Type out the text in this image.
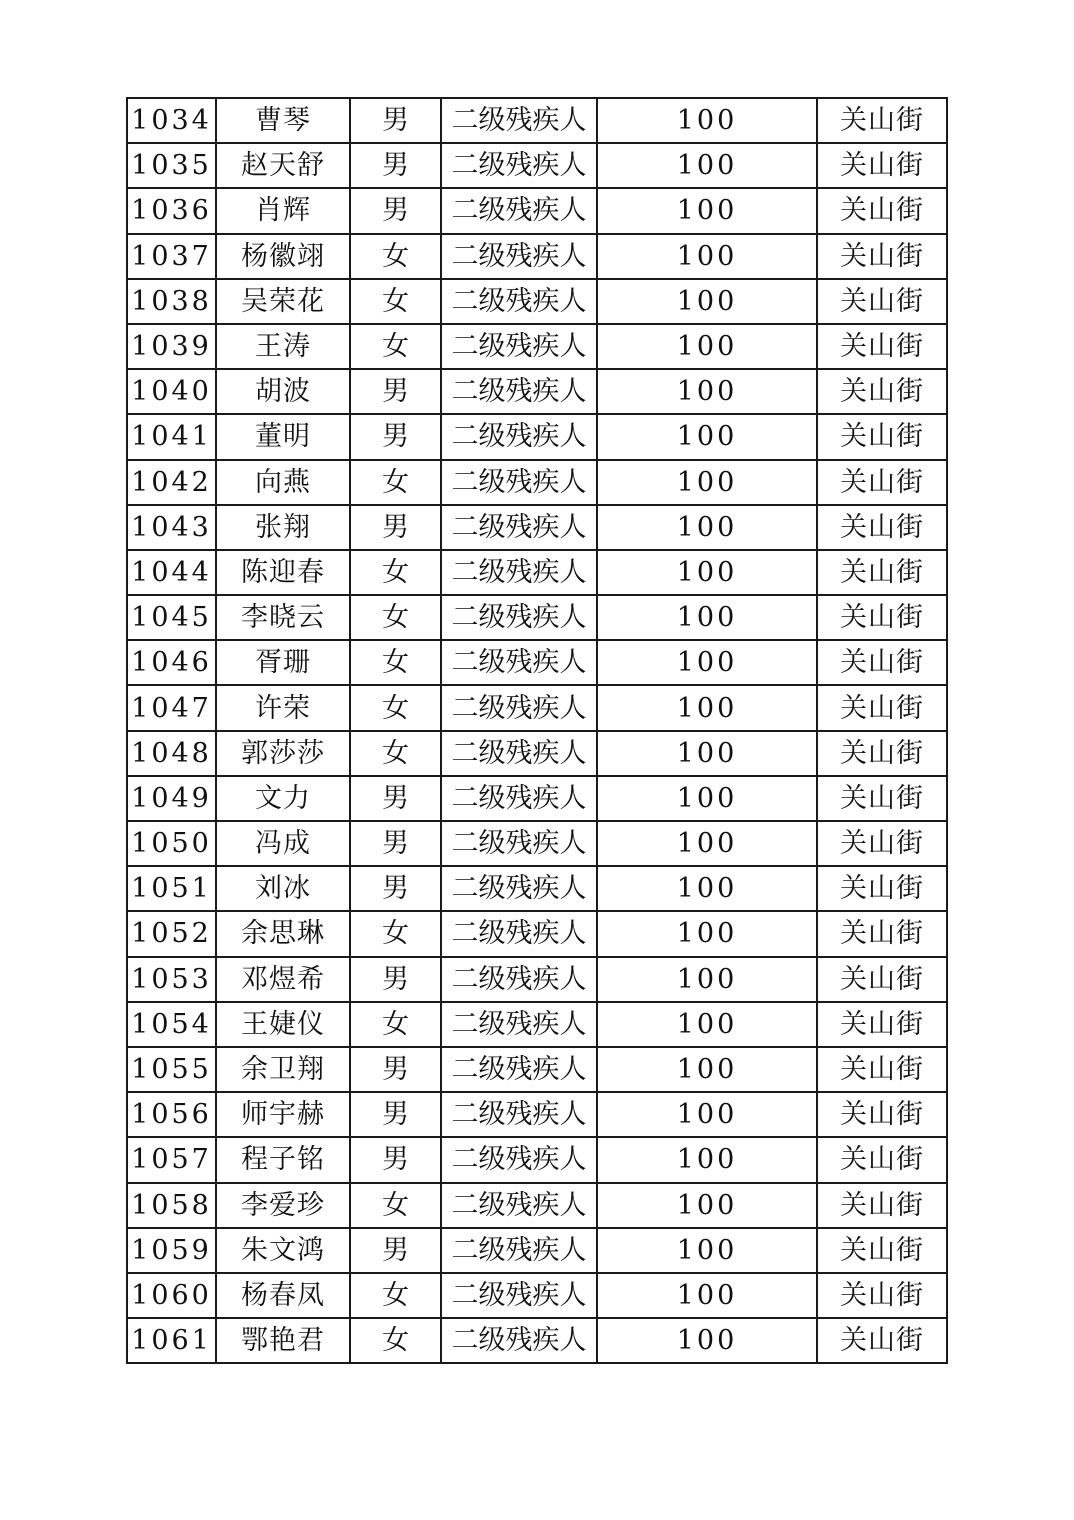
1034	曹琴	男	二级残疾人	100	关山街
1035	赵天舒	男	二级残疾人	100	关山街
1036	肖辉	男	二级残疾人	100	关山街
1037	杨徽翊	女	二级残疾人	100	关山街
1038	吴荣花	女	二级残疾人	100	关山街
1039	王涛	女	二级残疾人	100	关山街
1040	胡波	男	二级残疾人	100	关山街
1041	董明	男	二级残疾人	100	关山街
1042	向燕	女	二级残疾人	100	关山街
1043	张翔	男	二级残疾人	100	关山街
1044	陈迎春	女	二级残疾人	100	关山街
1045	李晓云	女	二级残疾人	100	关山街
1046	胥珊	女	二级残疾人	100	关山街
1047	许荣	女	二级残疾人	100	关山街
1048	郭莎莎	女	二级残疾人	100	关山街
1049	文力	男	二级残疾人	100	关山街
1050	冯成	男	二级残疾人	100	关山街
1051	刘冰	男	二级残疾人	100	关山街
1052	余思琳	女	二级残疾人	100	关山街
1053	邓煜希	男	二级残疾人	100	关山街
1054	王婕仪	女	二级残疾人	100	关山街
1055	余卫翔	男	二级残疾人	100	关山街
1056	师宇赫	男	二级残疾人	100	关山街
1057	程子铭	男	二级残疾人	100	关山街
1058	李爱珍	女	二级残疾人	100	关山街
1059	朱文鸿	男	二级残疾人	100	关山街
1060	杨春凤	女	二级残疾人	100	关山街
1061	鄂艳君	女	二级残疾人	100	关山街
